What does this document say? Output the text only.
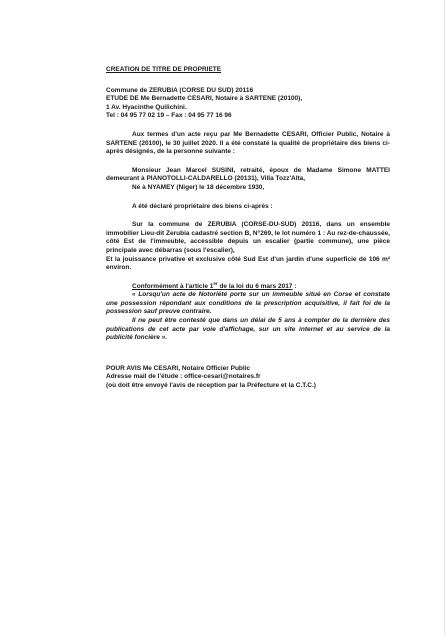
CREATION DE TITRE DE PROPRIETE

Commune de ZERUBIA (CORSE DU SUD) 20116

ETUDE DE Me Bernadette CESARI, Notaire à SARTENE (20100),

1 Av. Hyacinthe Quilichini.

Tel : 04 95 77 02 19 – Fax : 04 95 77 16 96

Aux termes d'un acte reçu par Me Bernadette CESARI, Officier Public, Notaire à SARTENE (20100), le 30 juillet 2020. Il a été constaté la qualité de propriétaire des biens ci-après désignés, de la personne suivante :

Monsieur Jean Marcel SUSINI, retraité, époux de Madame Simone MATTEI demeurant à PIANOTOLLI-CALDARELLO (20131), Villa Tozz'Alta,

Né à NYAMEY (Niger) le 18 décembre 1930,

A été déclaré propriétaire des biens ci-après :

Sur la commune de ZERUBIA (CORSE-DU-SUD) 20116, dans un ensemble immobilier Lieu-dit Zerubia cadastré section B, N°269, le lot numéro 1 : Au rez-de-chaussée, côté Est de l'immeuble, accessible depuis un escalier (partie commune), une pièce principale avec débarras (sous l'escalier),

Et la jouissance privative et exclusive côté Sud Est d'un jardin d'une superficie de 106 m² environ.

Conformément à l'article 1er de la loi du 6 mars 2017 :

« Lorsqu'un acte de Notoriété porte sur un immeuble situé en Corse et constate une possession répondant aux conditions de la prescription acquisitive, il fait foi de la possession sauf preuve contraire.

Il ne peut être contesté que dans un délai de 5 ans à compter de la dernière des publications de cet acte par voie d'affichage, sur un site internet et au service de la publicité foncière ».

POUR AVIS Me CESARI, Notaire Officier Public

Adresse mail de l'étude : office-cesari@notaires.fr

(où doit être envoyé l'avis de réception par la Préfecture et la C.T.C.)
